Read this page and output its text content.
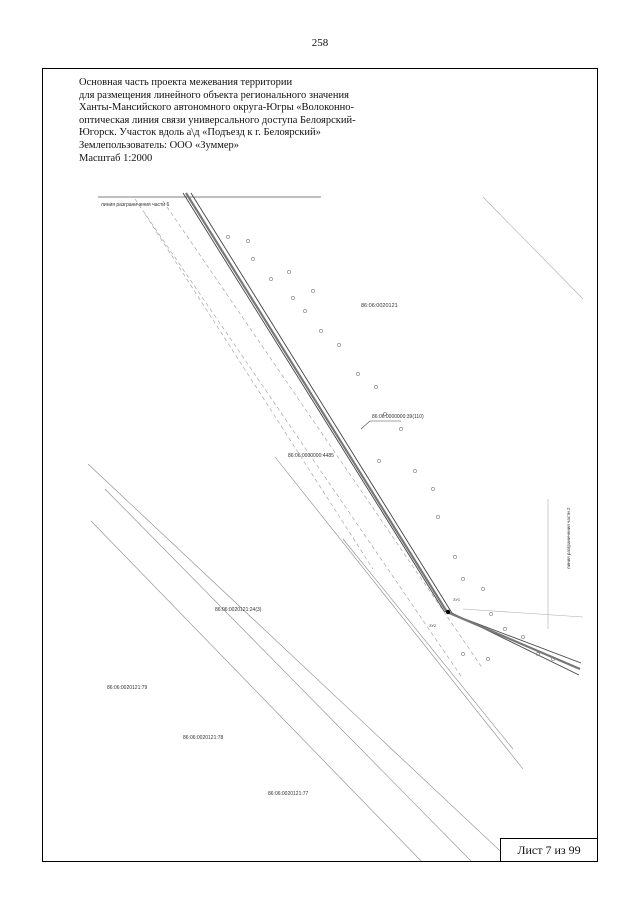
258
линия разграничения части 6
86:06:0020121
86:06:0000000:39(110)
86:06:0000000:4485
линия разграничения части 2
86:06:0020121:24(3)
86:06:0020121:79
86:06:0020121:78
86:06:0020121:77
ЗУ1
ЗУ2
Основная часть проекта межевания территории
для размещения линейного объекта регионального значения
Ханты-Мансийского автономного округа-Югры «Волоконно-
оптическая линия связи универсального доступа Белоярский-
Югорск. Участок вдоль а\д «Подъезд к г. Белоярский»
Землепользователь: ООО «Зуммер»
Масштаб 1:2000
Лист 7 из 99
